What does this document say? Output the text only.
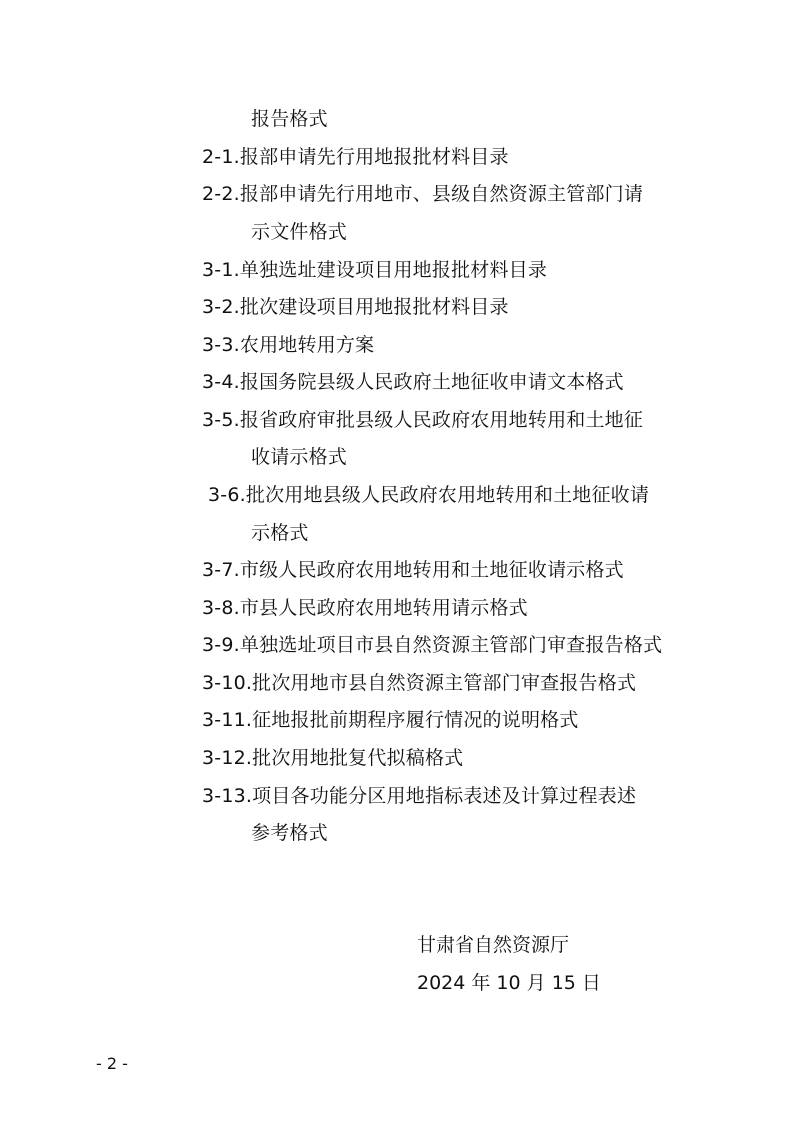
报告格式
2-1.报部申请先行用地报批材料目录
2-2.报部申请先行用地市、县级自然资源主管部门请
示文件格式
3-1.单独选址建设项目用地报批材料目录
3-2.批次建设项目用地报批材料目录
3-3.农用地转用方案
3-4.报国务院县级人民政府土地征收申请文本格式
3-5.报省政府审批县级人民政府农用地转用和土地征
收请示格式
3-6.批次用地县级人民政府农用地转用和土地征收请
示格式
3-7.市级人民政府农用地转用和土地征收请示格式
3-8.市县人民政府农用地转用请示格式
3-9.单独选址项目市县自然资源主管部门审查报告格式
3-10.批次用地市县自然资源主管部门审查报告格式
3-11.征地报批前期程序履行情况的说明格式
3-12.批次用地批复代拟稿格式
3-13.项目各功能分区用地指标表述及计算过程表述
参考格式
甘肃省自然资源厅
2024 年 10 月 15 日
- 2 -
